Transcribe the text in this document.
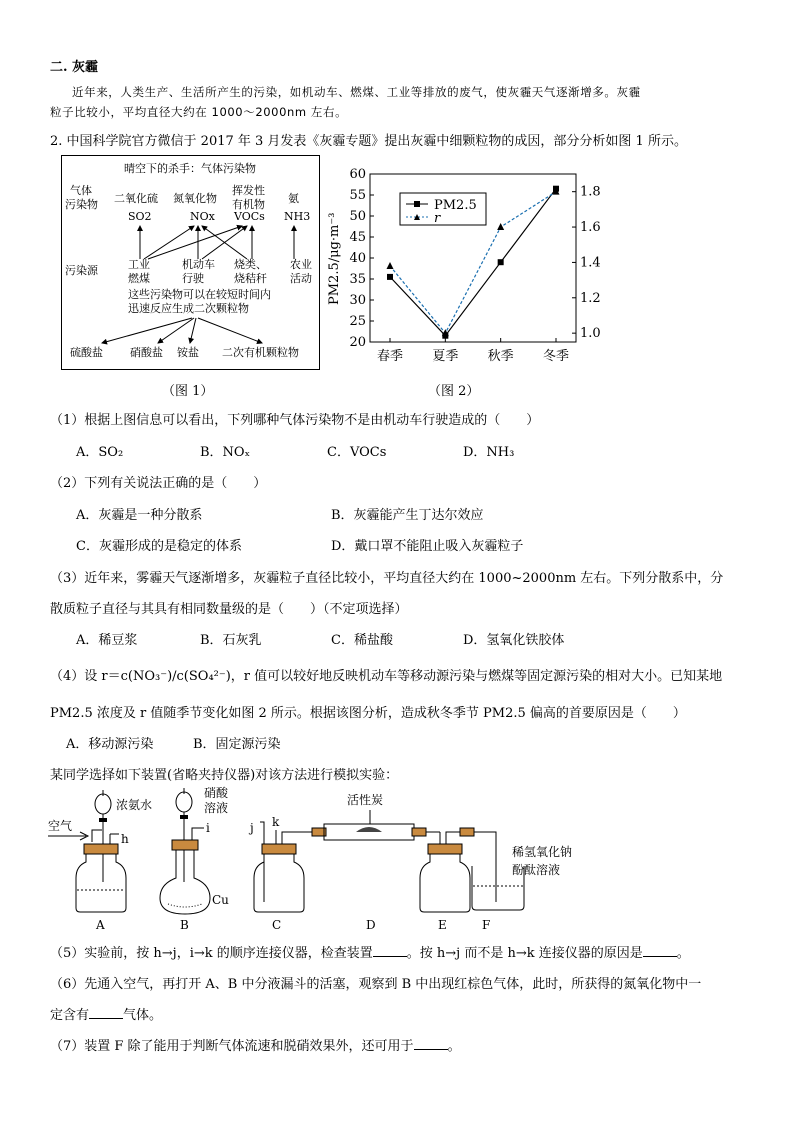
二. 灰霾
近年来，人类生产、生活所产生的污染，如机动车、燃煤、工业等排放的废气，使灰霾天气逐渐增多。灰霾
粒子比较小，平均直径大约在 1000～2000nm 左右。
2. 中国科学院官方微信于 2017 年 3 月发表《灰霾专题》提出灰霾中细颗粒物的成因，部分分析如图 1 所示。
晴空下的杀手：气体污染物
气体
污染物 二氧化硫 氮氧化物
挥发性
有机物 氨
SO2	NOx VOCs NH3
污染源	工业
燃煤
机动车
行驶
烧类、
烧秸秆
农业
活动
这些污染物可以在较短时间内
迅速反应生成二次颗粒物
硫酸盐 硝酸盐 铵盐 二次有机颗粒物
（图 1）
20
25
30
35
40
45
50
55
60
1.0
1.2
1.4
1.6
1.8
春季 夏季 秋季 冬季
PM2.5
r
PM2.5/μg·m⁻³
（图 2）
（1）根据上图信息可以看出，下列哪种气体污染物不是由机动车行驶造成的（　　）
A．SO₂	B．NOₓ	C．VOCs	D．NH₃
（2）下列有关说法正确的是（　　）
A．灰霾是一种分散系	B．灰霾能产生丁达尔效应
C．灰霾形成的是稳定的体系	D．戴口罩不能阻止吸入灰霾粒子
（3）近年来，雾霾天气逐渐增多，灰霾粒子直径比较小，平均直径大约在 1000~2000nm 左右。下列分散系中，分
散质粒子直径与其具有相同数量级的是（　　）（不定项选择）
A．稀豆浆	B．石灰乳	C．稀盐酸	D．氢氧化铁胶体
（4）设 r＝c(NO₃⁻)/c(SO₄²⁻)，r 值可以较好地反映机动车等移动源污染与燃煤等固定源污染的相对大小。已知某地
PM2.5 浓度及 r 值随季节变化如图 2 所示。根据该图分析，造成秋冬季节 PM2.5 偏高的首要原因是（　　）
A．移动源污染	B．固定源污染
某同学选择如下装置(省略夹持仪器)对该方法进行模拟实验：
空气
浓氨水
h
A
硝酸
溶液
i
Cu
B
j k
C
活性炭
D	E
稀氢氧化钠
酚酞溶液
F
（5）实验前，按 h→j，i→k 的顺序连接仪器，检查装置	。按 h→j 而不是 h→k 连接仪器的原因是	。
（6）先通入空气，再打开 A、B 中分液漏斗的活塞，观察到 B 中出现红棕色气体，此时，所获得的氮氧化物中一
定含有	气体。
（7）装置 F 除了能用于判断气体流速和脱硝效果外，还可用于	。
